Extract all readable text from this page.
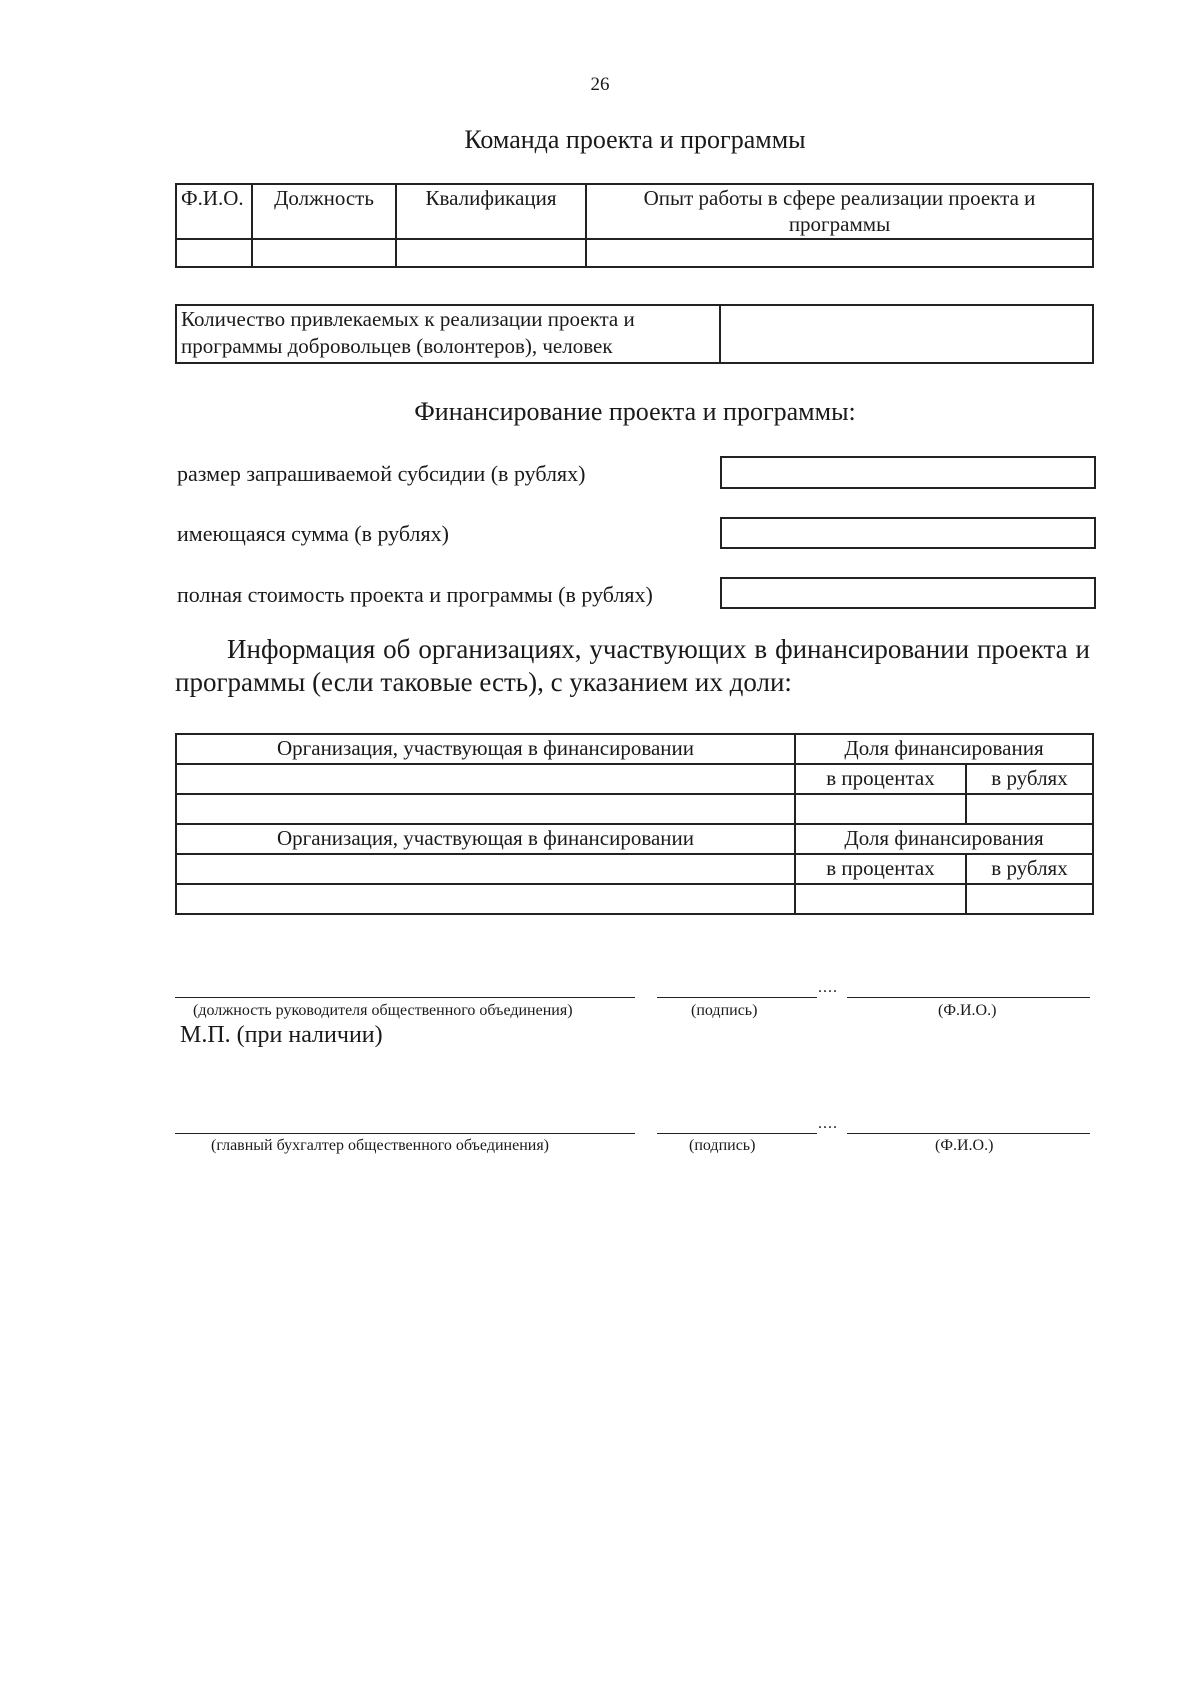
26
Команда проекта и программы
Ф.И.О.	Должность	Квалификация	Опыт работы в сфере реализации проекта и программы

Количество привлекаемых к реализации проекта и программы добровольцев (волонтеров), человек	
Финансирование проекта и программы:
размер запрашиваемой субсидии (в рублях)
имеющаяся сумма (в рублях)
полная стоимость проекта и программы (в рублях)
Информация об организациях, участвующих в финансировании проекта и программы (если таковые есть), с указанием их доли:
Организация, участвующая в финансировании	Доля финансирования	
	в процентах	в рублях

Организация, участвующая в финансировании	Доля финансирования	
	в процентах	в рублях

....
(должность руководителя общественного объединения)	(подпись)	(Ф.И.О.)
М.П. (при наличии)
....
(главный бухгалтер общественного объединения)	(подпись)	(Ф.И.О.)
